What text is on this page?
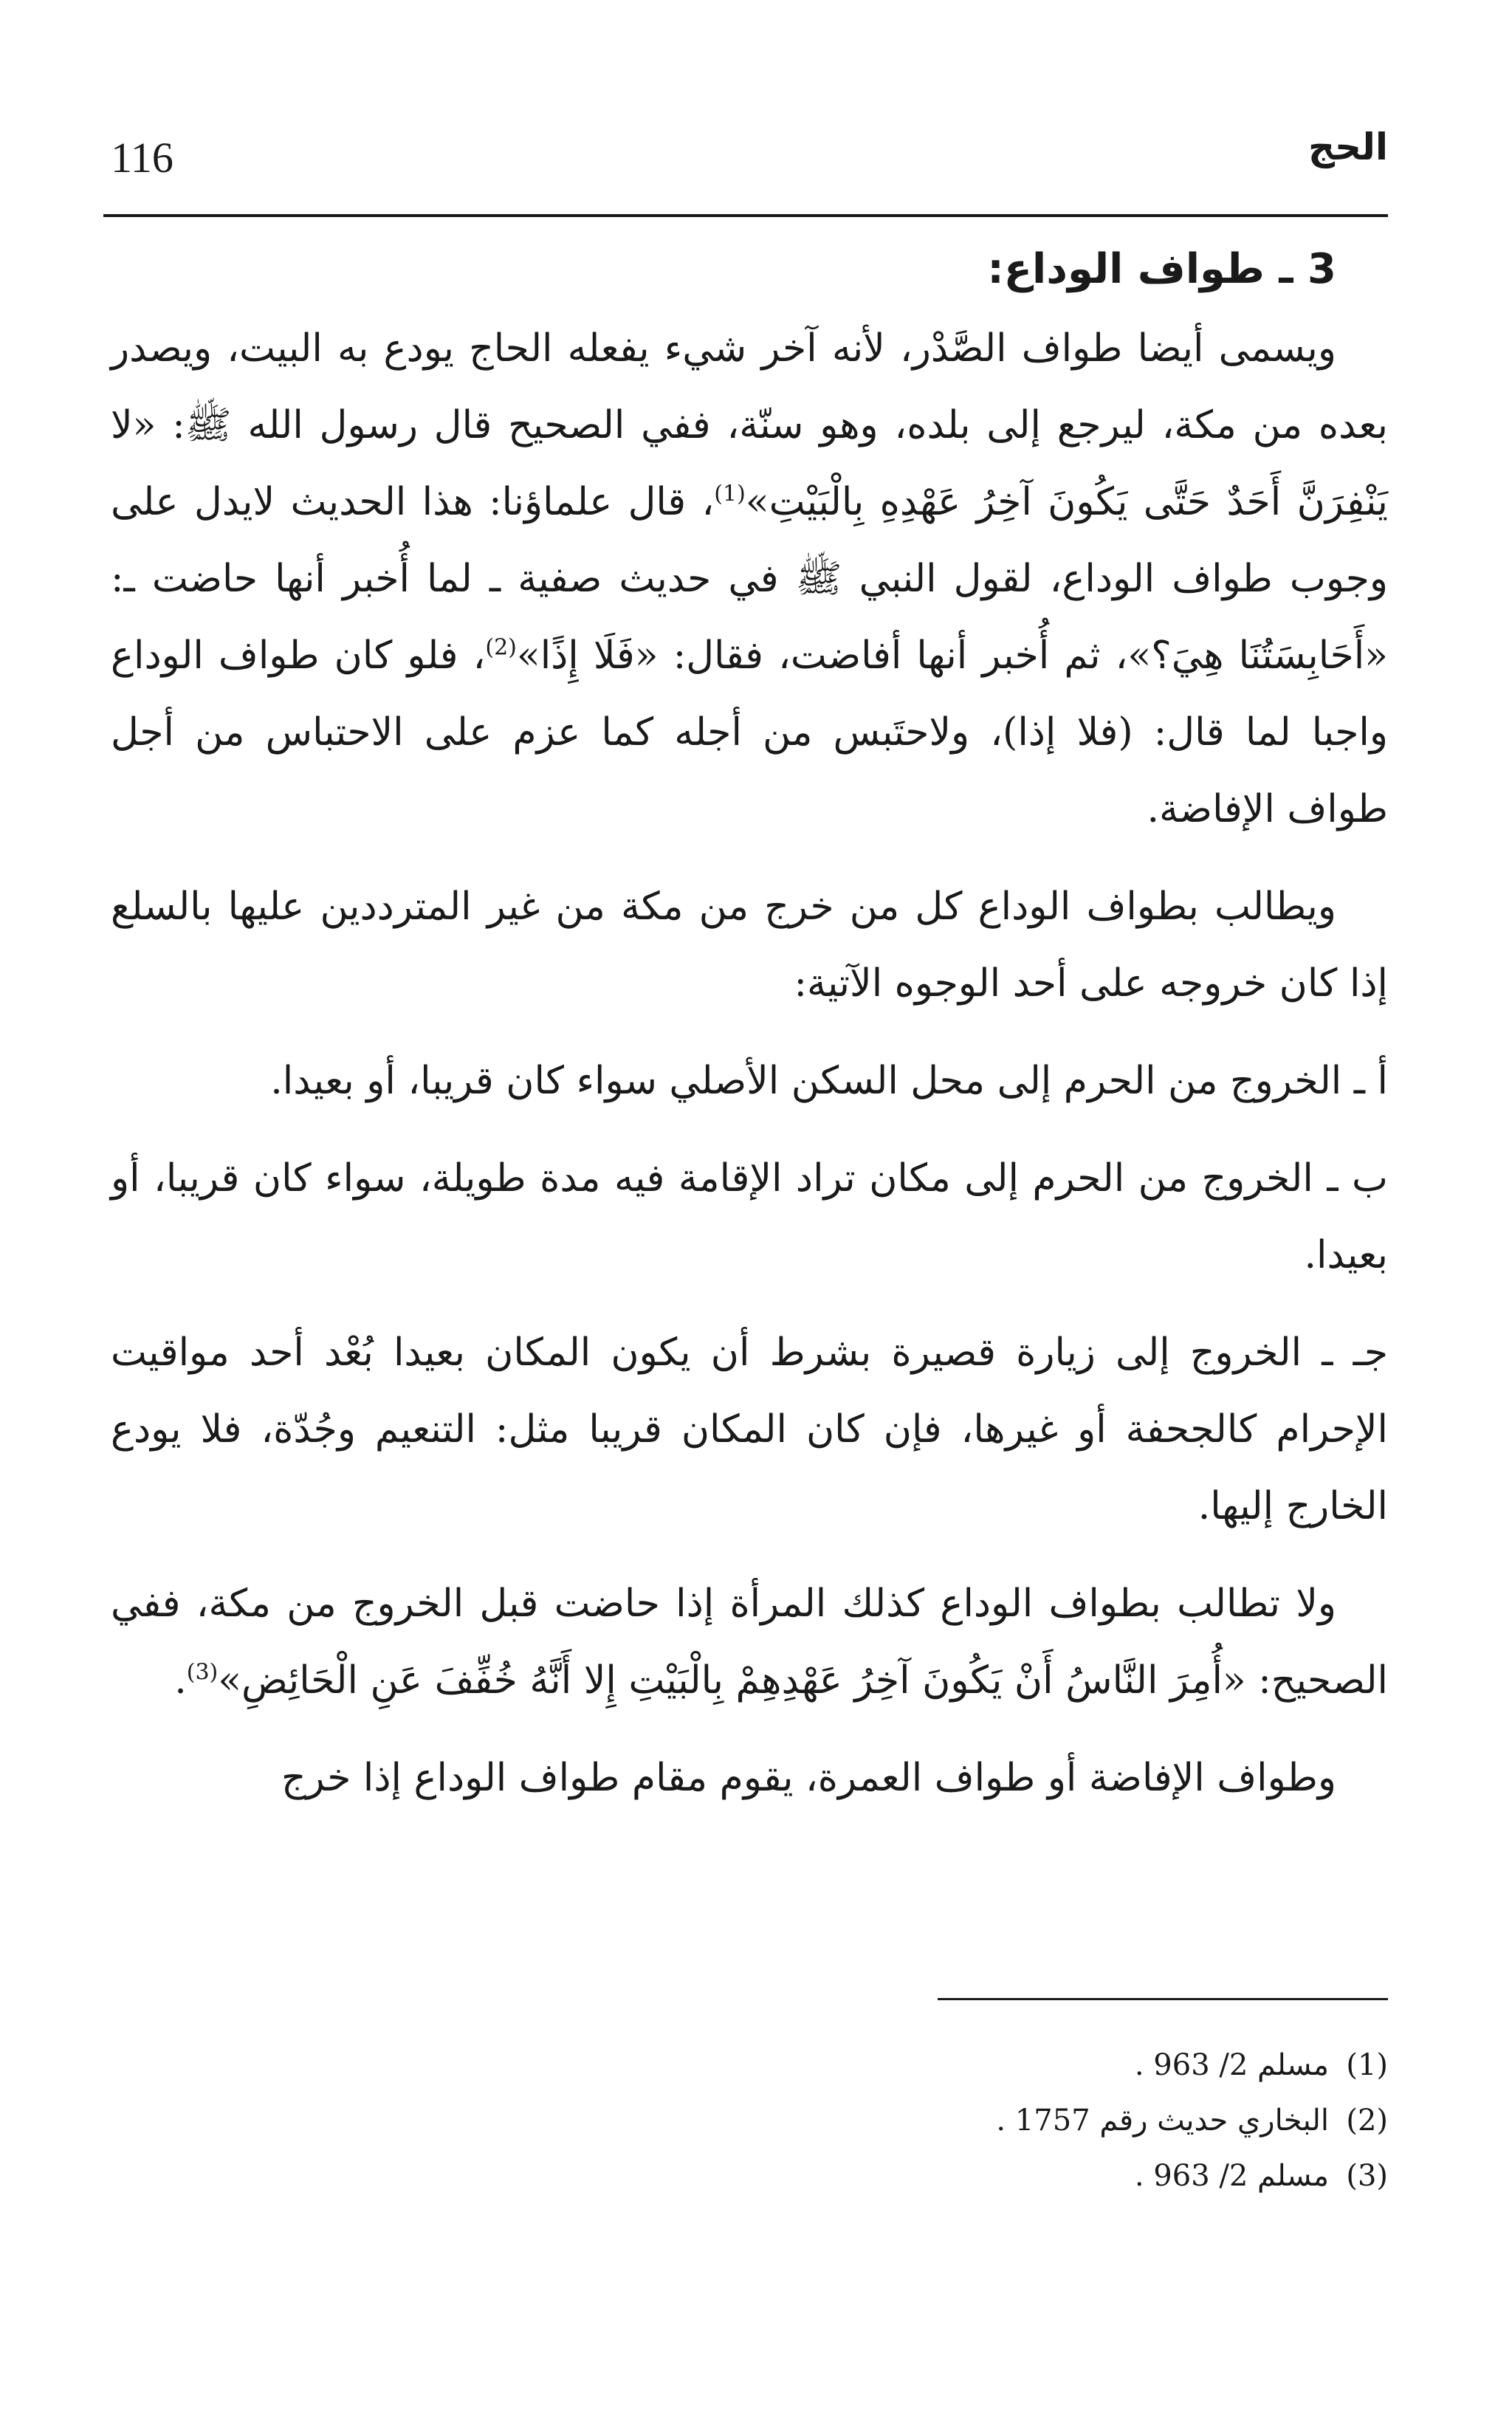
116	الحج
3 ـ طواف الوداع:

ويسمى أيضا طواف الصَّدْر، لأنه آخر شيء يفعله الحاج يودع به البيت، ويصدر بعده من مكة، ليرجع إلى بلده، وهو سنّة، ففي الصحيح قال رسول الله ﷺ: «لا يَنْفِرَنَّ أَحَدٌ حَتَّى يَكُونَ آخِرُ عَهْدِهِ بِالْبَيْتِ»$^{(1)}$، قال علماؤنا: هذا الحديث لايدل على وجوب طواف الوداع، لقول النبي ﷺ في حديث صفية ـ لما أُخبر أنها حاضت ـ: «أَحَابِسَتُنَا هِيَ؟»، ثم أُخبر أنها أفاضت، فقال: «فَلَا إِذًا»$^{(2)}$، فلو كان طواف الوداع واجبا لما قال: (فلا إذا)، ولاحتَبس من أجله كما عزم على الاحتباس من أجل طواف الإفاضة.

ويطالب بطواف الوداع كل من خرج من مكة من غير المترددين عليها بالسلع إذا كان خروجه على أحد الوجوه الآتية:

أ ـ الخروج من الحرم إلى محل السكن الأصلي سواء كان قريبا، أو بعيدا.

ب ـ الخروج من الحرم إلى مكان تراد الإقامة فيه مدة طويلة، سواء كان قريبا، أو بعيدا.

جـ ـ الخروج إلى زيارة قصيرة بشرط أن يكون المكان بعيدا بُعْد أحد مواقيت الإحرام كالجحفة أو غيرها، فإن كان المكان قريبا مثل: التنعيم وجُدّة، فلا يودع الخارج إليها.

ولا تطالب بطواف الوداع كذلك المرأة إذا حاضت قبل الخروج من مكة، ففي الصحيح: «أُمِرَ النَّاسُ أَنْ يَكُونَ آخِرُ عَهْدِهِمْ بِالْبَيْتِ إِلا أَنَّهُ خُفِّفَ عَنِ الْحَائِضِ»$^{(3)}$.

وطواف الإفاضة أو طواف العمرة، يقوم مقام طواف الوداع إذا خرج

(1)
مسلم 2/ 963 .
(2)
البخاري حديث رقم 1757 .
(3)
مسلم 2/ 963 .
